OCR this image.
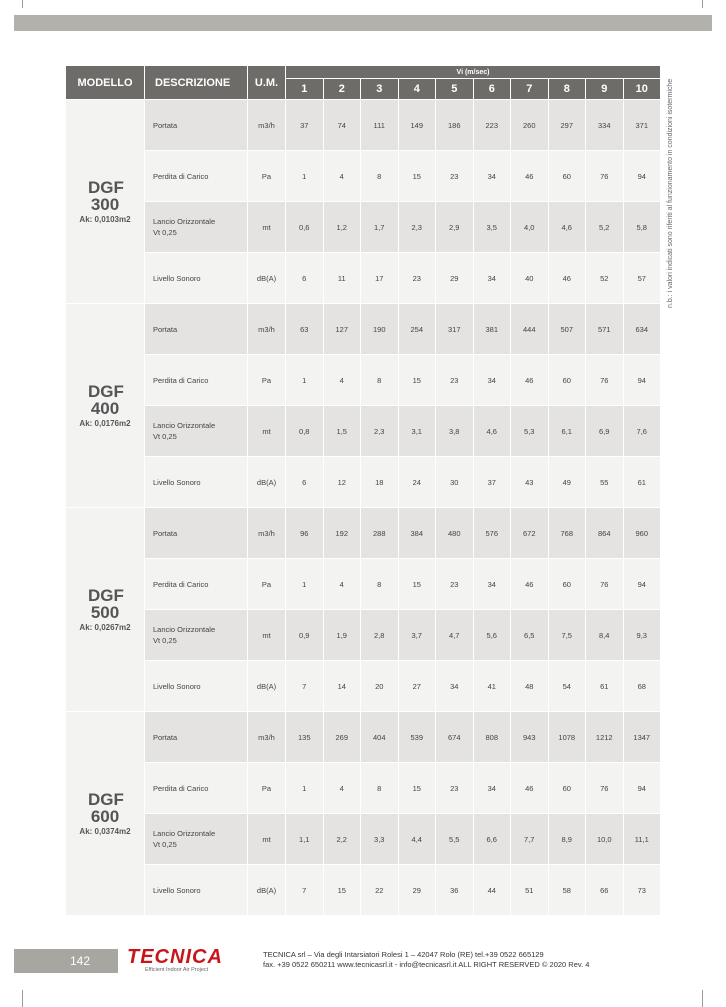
MODELLO	DESCRIZIONE	U.M.	Vi (m/sec)									
			1	2	3	4	5	6	7	8	9	10

DGF 300
Ak: 0,0103m2	Portata	m3/h	37	74	111	149	186	223	260	297	334	371
	Perdita di Carico	Pa	1	4	8	15	23	34	46	60	76	94
	Lancio Orizzontale
Vt 0,25	mt	0,6	1,2	1,7	2,3	2,9	3,5	4,0	4,6	5,2	5,8
	Livello Sonoro	dB(A)	6	11	17	23	29	34	40	46	52	57

DGF 400
Ak: 0,0176m2	Portata	m3/h	63	127	190	254	317	381	444	507	571	634
	Perdita di Carico	Pa	1	4	8	15	23	34	46	60	76	94
	Lancio Orizzontale
Vt 0,25	mt	0,8	1,5	2,3	3,1	3,8	4,6	5,3	6,1	6,9	7,6
	Livello Sonoro	dB(A)	6	12	18	24	30	37	43	49	55	61

DGF 500
Ak: 0,0267m2	Portata	m3/h	96	192	288	384	480	576	672	768	864	960
	Perdita di Carico	Pa	1	4	8	15	23	34	46	60	76	94
	Lancio Orizzontale
Vt 0,25	mt	0,9	1,9	2,8	3,7	4,7	5,6	6,5	7,5	8,4	9,3
	Livello Sonoro	dB(A)	7	14	20	27	34	41	48	54	61	68

DGF 600
Ak: 0,0374m2	Portata	m3/h	135	269	404	539	674	808	943	1078	1212	1347
	Perdita di Carico	Pa	1	4	8	15	23	34	46	60	76	94
	Lancio Orizzontale
Vt 0,25	mt	1,1	2,2	3,3	4,4	5,5	6,6	7,7	8,9	10,0	11,1
	Livello Sonoro	dB(A)	7	15	22	29	36	44	51	58	66	73
n.b.: i valori indicati sono riferiti al funzionamento in condizioni isotermiche
142 TECNICA
Efficient Indoor Air Project
TECNICA srl – Via degli Intarsiatori Rolesi 1 – 42047 Rolo (RE) tel.+39 0522 665129
fax. +39 0522 650211 www.tecnicasrl.it - info@tecnicasrl.it ALL RIGHT RESERVED © 2020 Rev. 4
